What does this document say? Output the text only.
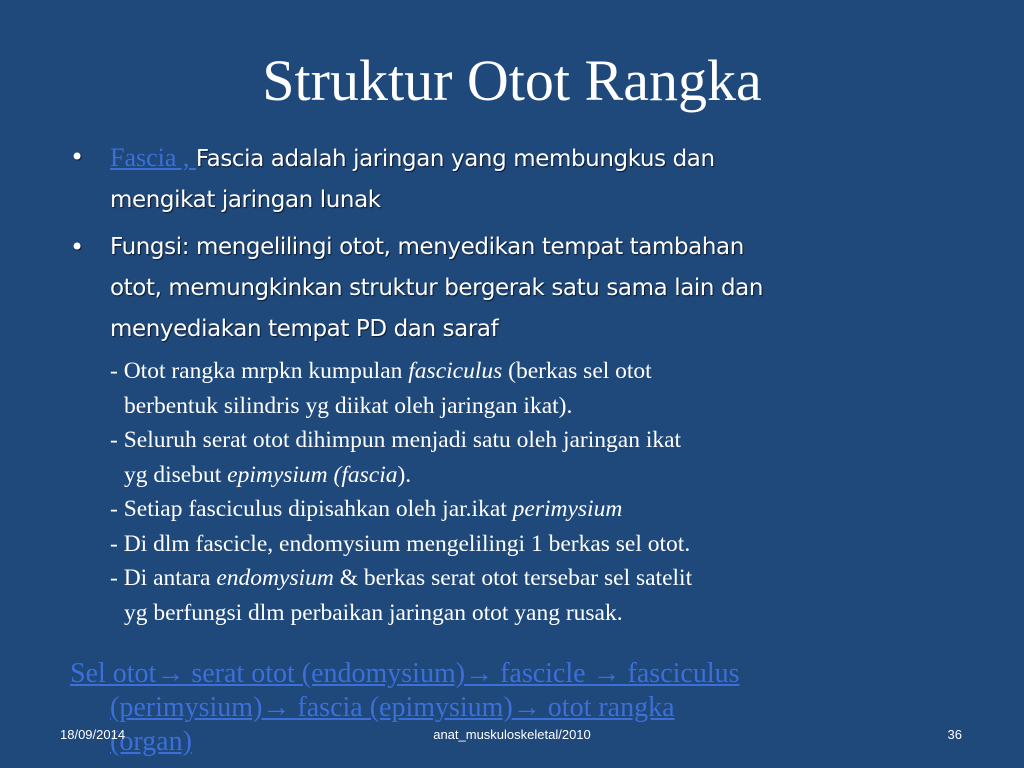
Struktur Otot Rangka
• Fascia , Fascia adalah jaringan yang membungkus dan
mengikat jaringan lunak
• Fungsi: mengelilingi otot, menyedikan tempat tambahan
otot, memungkinkan struktur bergerak satu sama lain dan
menyediakan tempat PD dan saraf
- Otot rangka mrpkn kumpulan fasciculus (berkas sel otot
berbentuk silindris yg diikat oleh jaringan ikat).
- Seluruh serat otot dihimpun menjadi satu oleh jaringan ikat
yg disebut epimysium (fascia).
- Setiap fasciculus dipisahkan oleh jar.ikat perimysium
- Di dlm fascicle, endomysium mengelilingi 1 berkas sel otot.
- Di antara endomysium & berkas serat otot tersebar sel satelit
yg berfungsi dlm perbaikan jaringan otot yang rusak.
Sel otot→ serat otot (endomysium)→ fascicle → fasciculus
(perimysium)→ fascia (epimysium)→ otot rangka
(organ)
18/09/2014	anat_muskuloskeletal/2010	36
